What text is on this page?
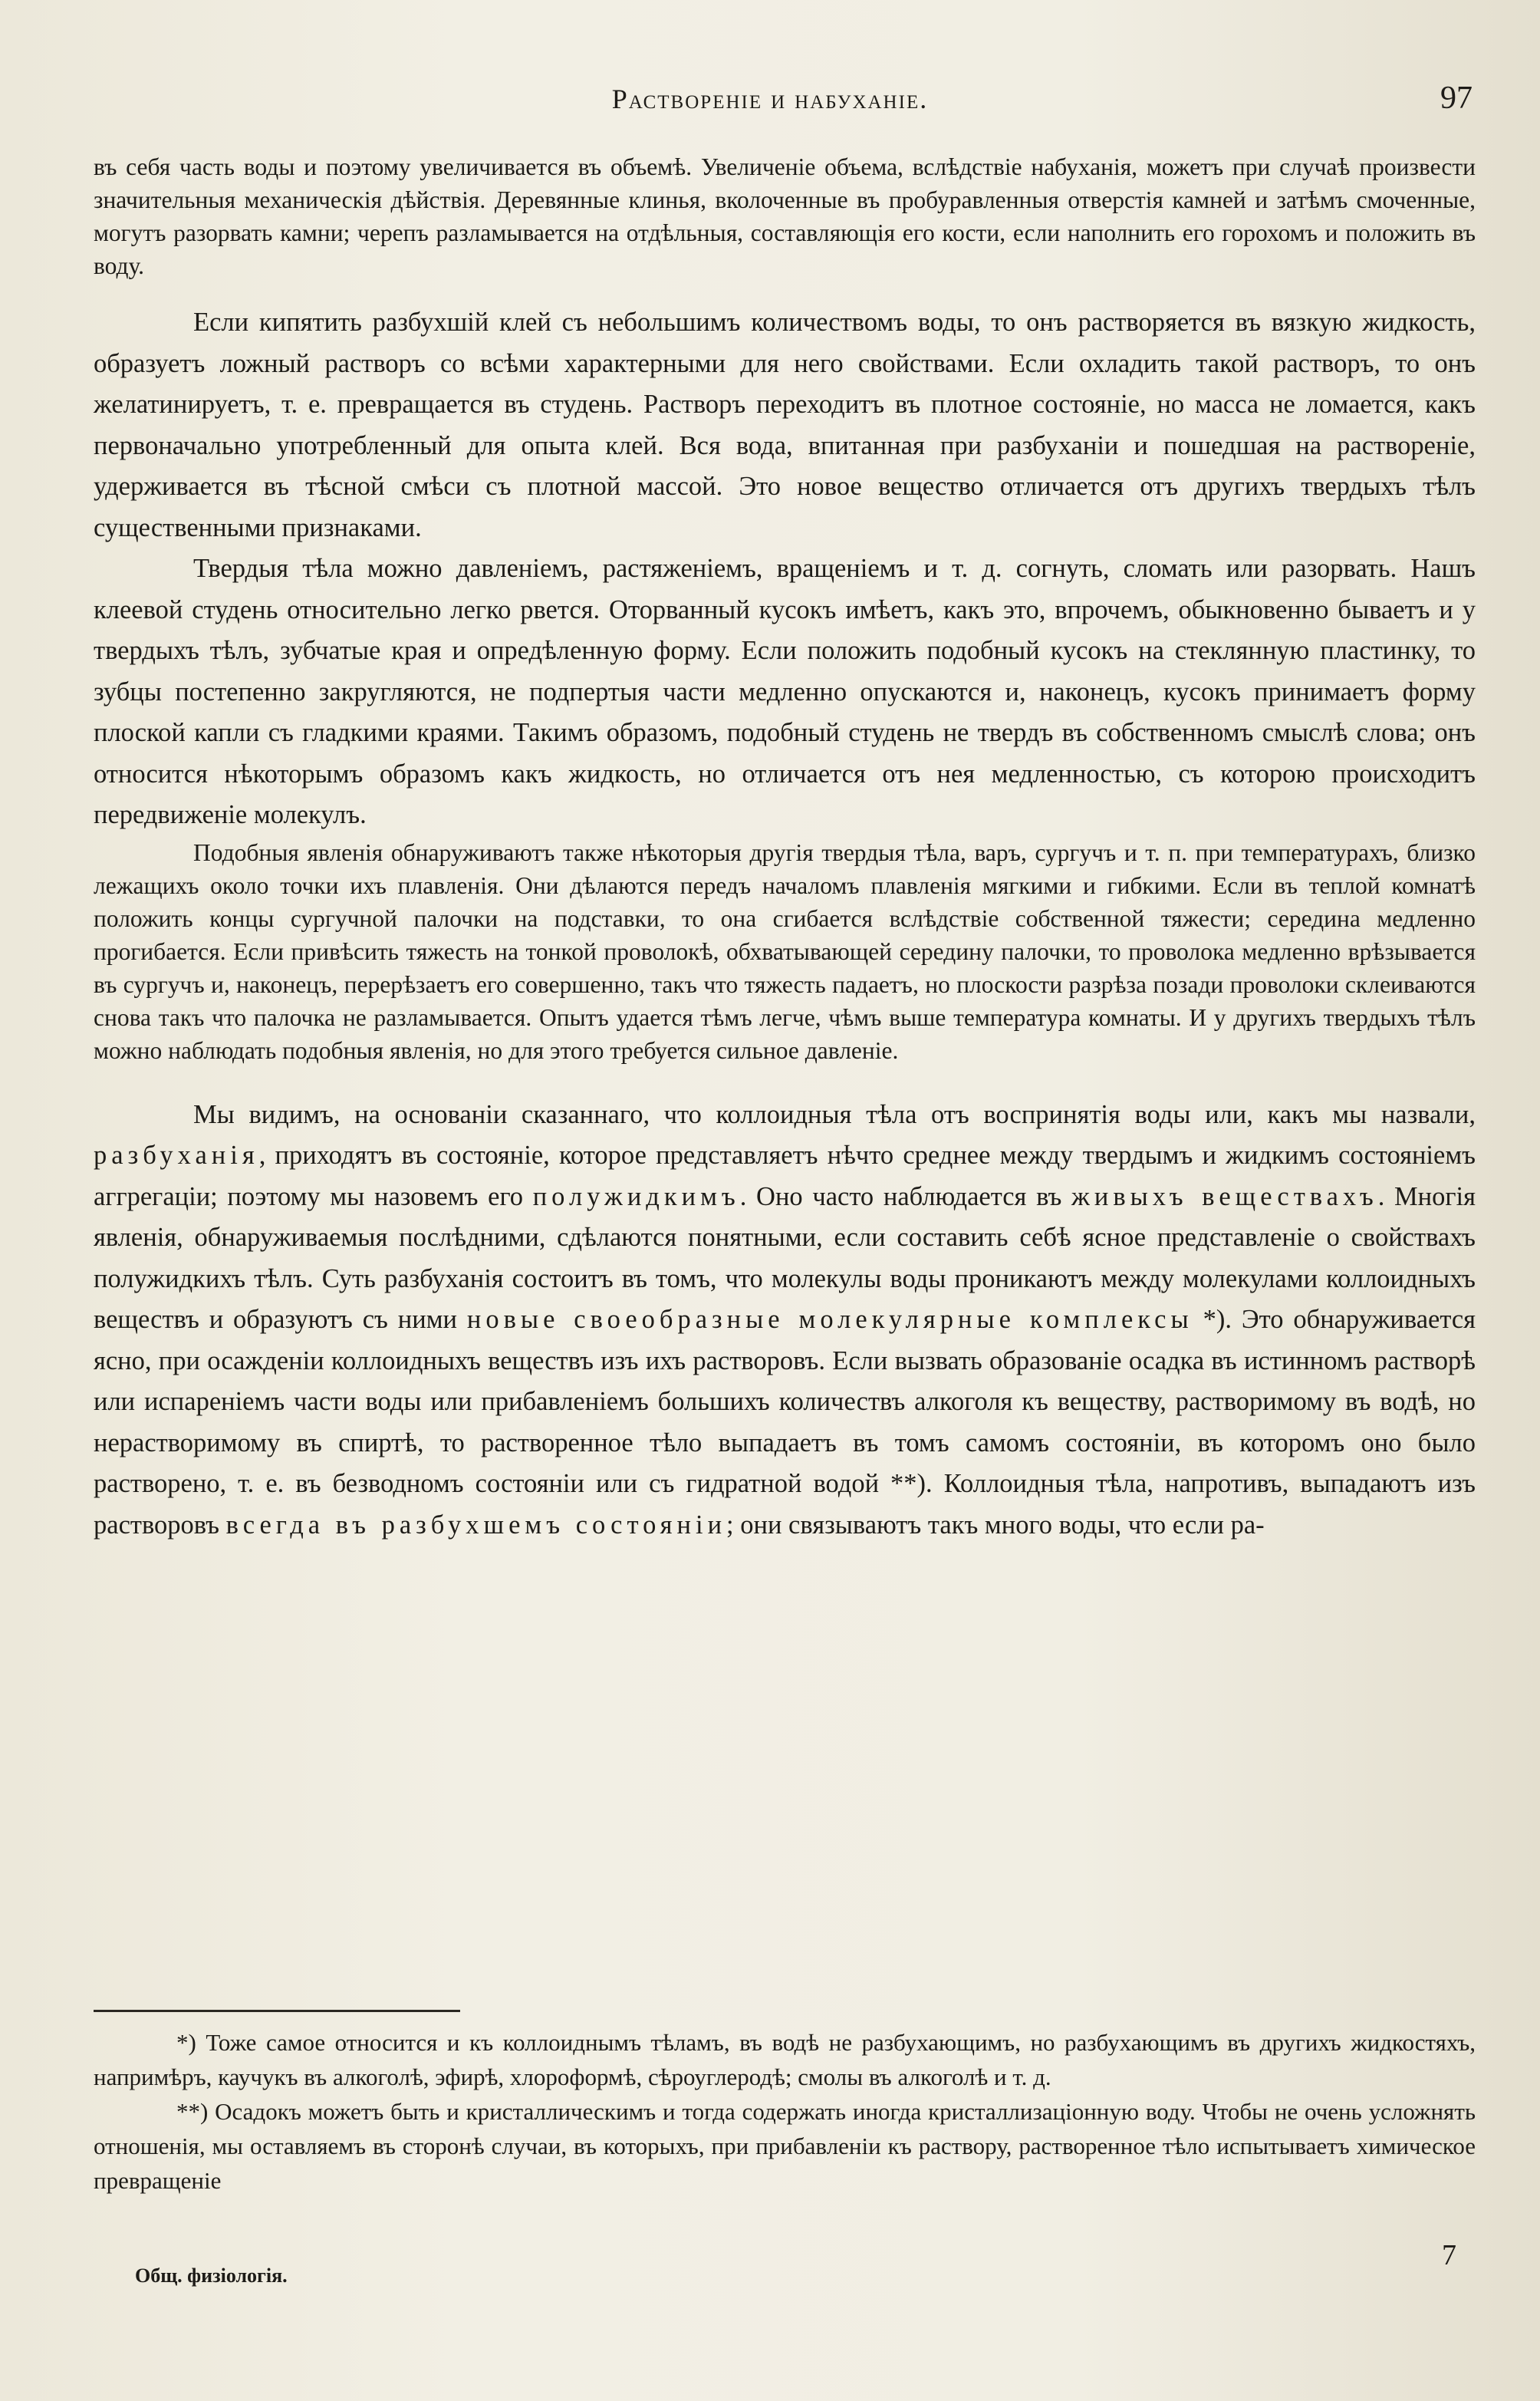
Растворенie и набуханie.	97

въ себя часть воды и поэтому увеличивается въ объемѣ. Увеличенie объема, вслѣдствiе набуханiя, можетъ при случаѣ произвести значительныя механическiя дѣйствiя. Деревянные клинья, вколоченные въ пробуравленныя отверстiя камней и затѣмъ смоченные, могутъ разорвать камни; черепъ разламывается на отдѣльныя, составляющiя его кости, если наполнить его горохомъ и положить въ воду.

Если кипятить разбухшiй клей съ небольшимъ количествомъ воды, то онъ растворяется въ вязкую жидкость, образуетъ ложный растворъ со всѣми характерными для него свойствами. Если охладить такой растворъ, то онъ желатинируетъ, т. е. превращается въ студень. Растворъ переходитъ въ плотное состоянiе, но масса не ломается, какъ первоначально употребленный для опыта клей. Вся вода, впитанная при разбуханiи и пошедшая на растворенie, удерживается въ тѣсной смѣси съ плотной массой. Это новое вещество отличается отъ другихъ твердыхъ тѣлъ существенными признаками.

Твердыя тѣла можно давленiемъ, растяженiемъ, вращенiемъ и т. д. согнуть, сломать или разорвать. Нашъ клеевой студень относительно легко рвется. Оторванный кусокъ имѣетъ, какъ это, впрочемъ, обыкновенно бываетъ и у твердыхъ тѣлъ, зубчатые края и опредѣленную форму. Если положить подобный кусокъ на стеклянную пластинку, то зубцы постепенно закругляются, не подпертыя части медленно опускаются и, наконецъ, кусокъ принимаетъ форму плоской капли съ гладкими краями. Такимъ образомъ, подобный студень не твердъ въ собственномъ смыслѣ слова; онъ относится нѣкоторымъ образомъ какъ жидкость, но отличается отъ нея медленностью, съ которою происходитъ передвиженie молекулъ.

Подобныя явленiя обнаруживаютъ также нѣкоторыя другiя твердыя тѣла, варъ, сургучъ и т. п. при температурахъ, близко лежащихъ около точки ихъ плавленiя. Они дѣлаются передъ началомъ плавленiя мягкими и гибкими. Если въ теплой комнатѣ положить концы сургучной палочки на подставки, то она сгибается вслѣдствiе собственной тяжести; середина медленно прогибается. Если привѣсить тяжесть на тонкой проволокѣ, обхватывающей середину палочки, то проволока медленно врѣзывается въ сургучъ и, наконецъ, перерѣзаетъ его совершенно, такъ что тяжесть падаетъ, но плоскости разрѣза позади проволоки склеиваются снова такъ что палочка не разламывается. Опытъ удается тѣмъ легче, чѣмъ выше температура комнаты. И у другихъ твердыхъ тѣлъ можно наблюдать подобныя явленiя, но для этого требуется сильное давленiе.

Мы видимъ, на основанiи сказаннаго, что коллоидныя тѣла отъ воспринятiя воды или, какъ мы назвали, разбуханiя, приходятъ въ состоянiе, которое представляетъ нѣчто среднее между твердымъ и жидкимъ состоянiемъ аггрегацiи; поэтому мы назовемъ его полужидкимъ. Оно часто наблюдается въ живыхъ веществахъ. Многiя явленiя, обнаруживаемыя послѣдними, сдѣлаются понятными, если составить себѣ ясное представленie о свойствахъ полужидкихъ тѣлъ. Суть разбуханiя состоитъ въ томъ, что молекулы воды проникаютъ между молекулами коллоидныхъ веществъ и образуютъ съ ними новые своеобразные молекулярные комплексы *). Это обнаруживается ясно, при осажденiи коллоидныхъ веществъ изъ ихъ растворовъ. Если вызвать образованie осадка въ истинномъ растворѣ или испаренiемъ части воды или прибавленiемъ большихъ количествъ алкоголя къ веществу, растворимому въ водѣ, но нерастворимому въ спиртѣ, то растворенное тѣло выпадаетъ въ томъ самомъ состоянiи, въ которомъ оно было растворено, т. е. въ безводномъ состоянiи или съ гидратной водой **). Коллоидныя тѣла, напротивъ, выпадаютъ изъ растворовъ всегда въ разбухшемъ состоянiи; они связываютъ такъ много воды, что если ра-

*) Тоже самое относится и къ коллоиднымъ тѣламъ, въ водѣ не разбухающимъ, но разбухающимъ въ другихъ жидкостяхъ, напримѣръ, каучукъ въ алкоголѣ, эфирѣ, хлороформѣ, сѣроуглеродѣ; смолы въ алкоголѣ и т. д.

**) Осадокъ можетъ быть и кристаллическимъ и тогда содержать иногда кристаллизацiонную воду. Чтобы не очень усложнять отношенiя, мы оставляемъ въ сторонѣ случаи, въ которыхъ, при прибавленiи къ раствору, растворенное тѣло испытываетъ химическое превращенie

Общ. физiологiя.
7
